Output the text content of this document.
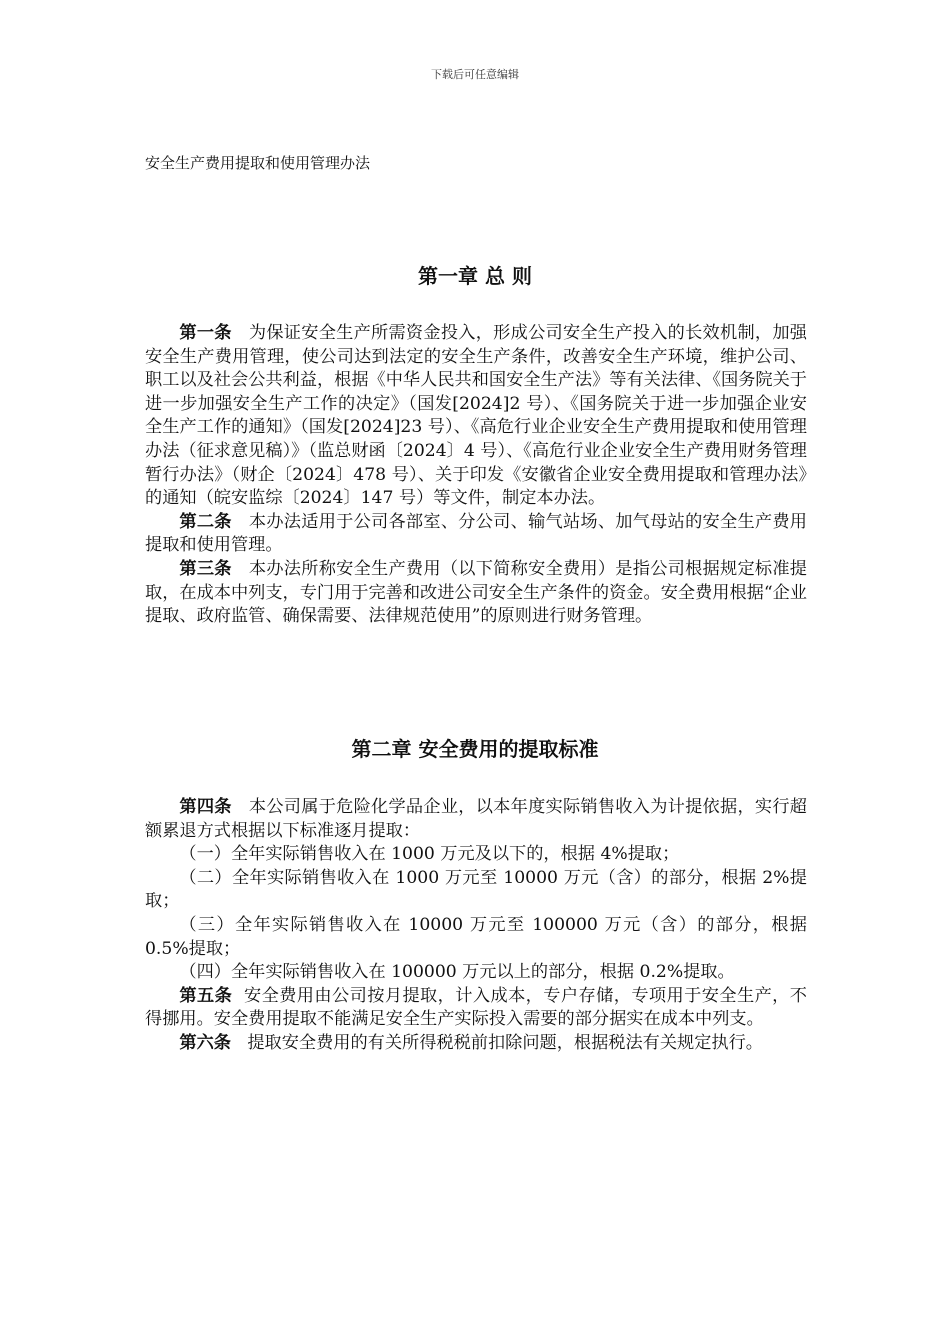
下载后可任意编辑
安全生产费用提取和使用管理办法
第一章 总 则

第一条 为保证安全生产所需资金投入，形成公司安全生产投入的长效机制，加强安全生产费用管理，使公司达到法定的安全生产条件，改善安全生产环境，维护公司、职工以及社会公共利益，根据《中华人民共和国安全生产法》等有关法律、《国务院关于进一步加强安全生产工作的决定》（国发[2024]2 号）、《国务院关于进一步加强企业安全生产工作的通知》（国发[2024]23 号）、《高危行业企业安全生产费用提取和使用管理办法（征求意见稿）》（监总财函〔2024〕4 号）、《高危行业企业安全生产费用财务管理暂行办法》（财企〔2024〕478 号）、关于印发《安徽省企业安全费用提取和管理办法》的通知（皖安监综〔2024〕147 号）等文件，制定本办法。

第二条 本办法适用于公司各部室、分公司、输气站场、加气母站的安全生产费用提取和使用管理。

第三条 本办法所称安全生产费用（以下简称安全费用）是指公司根据规定标准提取，在成本中列支，专门用于完善和改进公司安全生产条件的资金。安全费用根据“企业提取、政府监管、确保需要、法律规范使用”的原则进行财务管理。

第二章 安全费用的提取标准

第四条 本公司属于危险化学品企业，以本年度实际销售收入为计提依据，实行超额累退方式根据以下标准逐月提取：

（一）全年实际销售收入在 1000 万元及以下的，根据 4%提取；

（二）全年实际销售收入在 1000 万元至 10000 万元（含）的部分，根据 2%提取；

（三）全年实际销售收入在 10000 万元至 100000 万元（含）的部分，根据 0.5%提取；

（四）全年实际销售收入在 100000 万元以上的部分，根据 0.2%提取。

第五条 安全费用由公司按月提取，计入成本，专户存储，专项用于安全生产，不得挪用。安全费用提取不能满足安全生产实际投入需要的部分据实在成本中列支。

第六条 提取安全费用的有关所得税税前扣除问题，根据税法有关规定执行。
